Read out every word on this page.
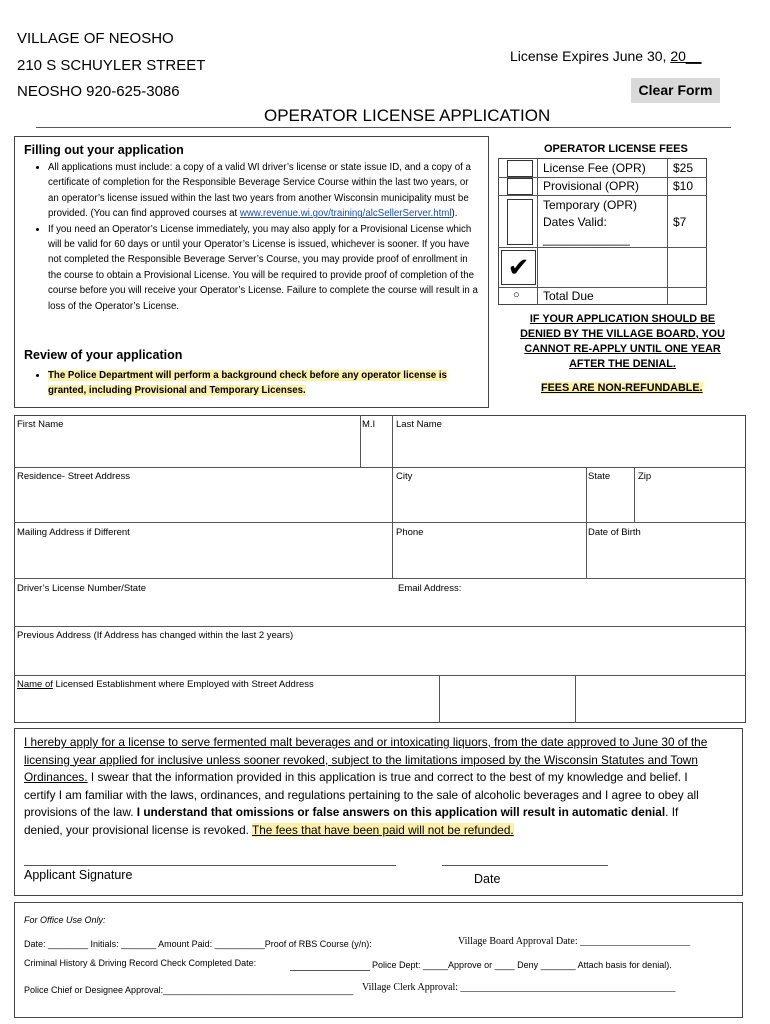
VILLAGE OF NEOSHO
210 S SCHUYLER STREET
NEOSHO 920-625-3086
License Expires June 30, 20__
Clear Form
OPERATOR LICENSE APPLICATION
Filling out your application
• All applications must include: a copy of a valid WI driver’s license or state issue ID, and a copy of a certificate of completion for the Responsible Beverage Service Course within the last two years, or an operator’s license issued within the last two years from another Wisconsin municipality must be provided. (You can find approved courses at www.revenue.wi.gov/training/alcSellerServer.html).
• If you need an Operator’s License immediately, you may also apply for a Provisional License which will be valid for 60 days or until your Operator’s License is issued, whichever is sooner. If you have not completed the Responsible Beverage Server’s Course, you may provide proof of enrollment in the course to obtain a Provisional License. You will be required to provide proof of completion of the course before you will receive your Operator’s License. Failure to complete the course will result in a loss of the Operator’s License.
Review of your application
• The Police Department will perform a background check before any operator license is granted, including Provisional and Temporary Licenses.
OPERATOR LICENSE FEES
✔
○
License Fee (OPR) $25
Provisional (OPR)	$10
Temporary (OPR)
Dates Valid:
_____________
$7
Total Due
IF YOUR APPLICATION SHOULD BE DENIED BY THE VILLAGE BOARD, YOU CANNOT RE-APPLY UNTIL ONE YEAR AFTER THE DENIAL.
FEES ARE NON-REFUNDABLE.
First Name	M.I Last Name
Residence- Street Address	City	State	Zip
Mailing Address if Different	Phone	Date of Birth
Driver’s License Number/State	Email Address:
Previous Address (If Address has changed within the last 2 years)
Name of Licensed Establishment where Employed with Street Address
I hereby apply for a license to serve fermented malt beverages and or intoxicating liquors, from the date approved to June 30 of the licensing year applied for inclusive unless sooner revoked, subject to the limitations imposed by the Wisconsin Statutes and Town Ordinances. I swear that the information provided in this application is true and correct to the best of my knowledge and belief. I certify I am familiar with the laws, ordinances, and regulations pertaining to the sale of alcoholic beverages and I agree to obey all provisions of the law. I understand that omissions or false answers on this application will result in automatic denial. If denied, your provisional license is revoked. The fees that have been paid will not be refunded.
Applicant Signature	Date
For Office Use Only:
Date: ________ Initials: _______ Amount Paid: __________Proof of RBS Course (y/n):	Village Board Approval Date: ______________________
Criminal History & Driving Record Check Completed Date:	Police Dept: _____Approve or ____ Deny _______ Attach basis for denial).
Police Chief or Designee Approval:______________________________________ Village Clerk Approval: ___________________________________________
